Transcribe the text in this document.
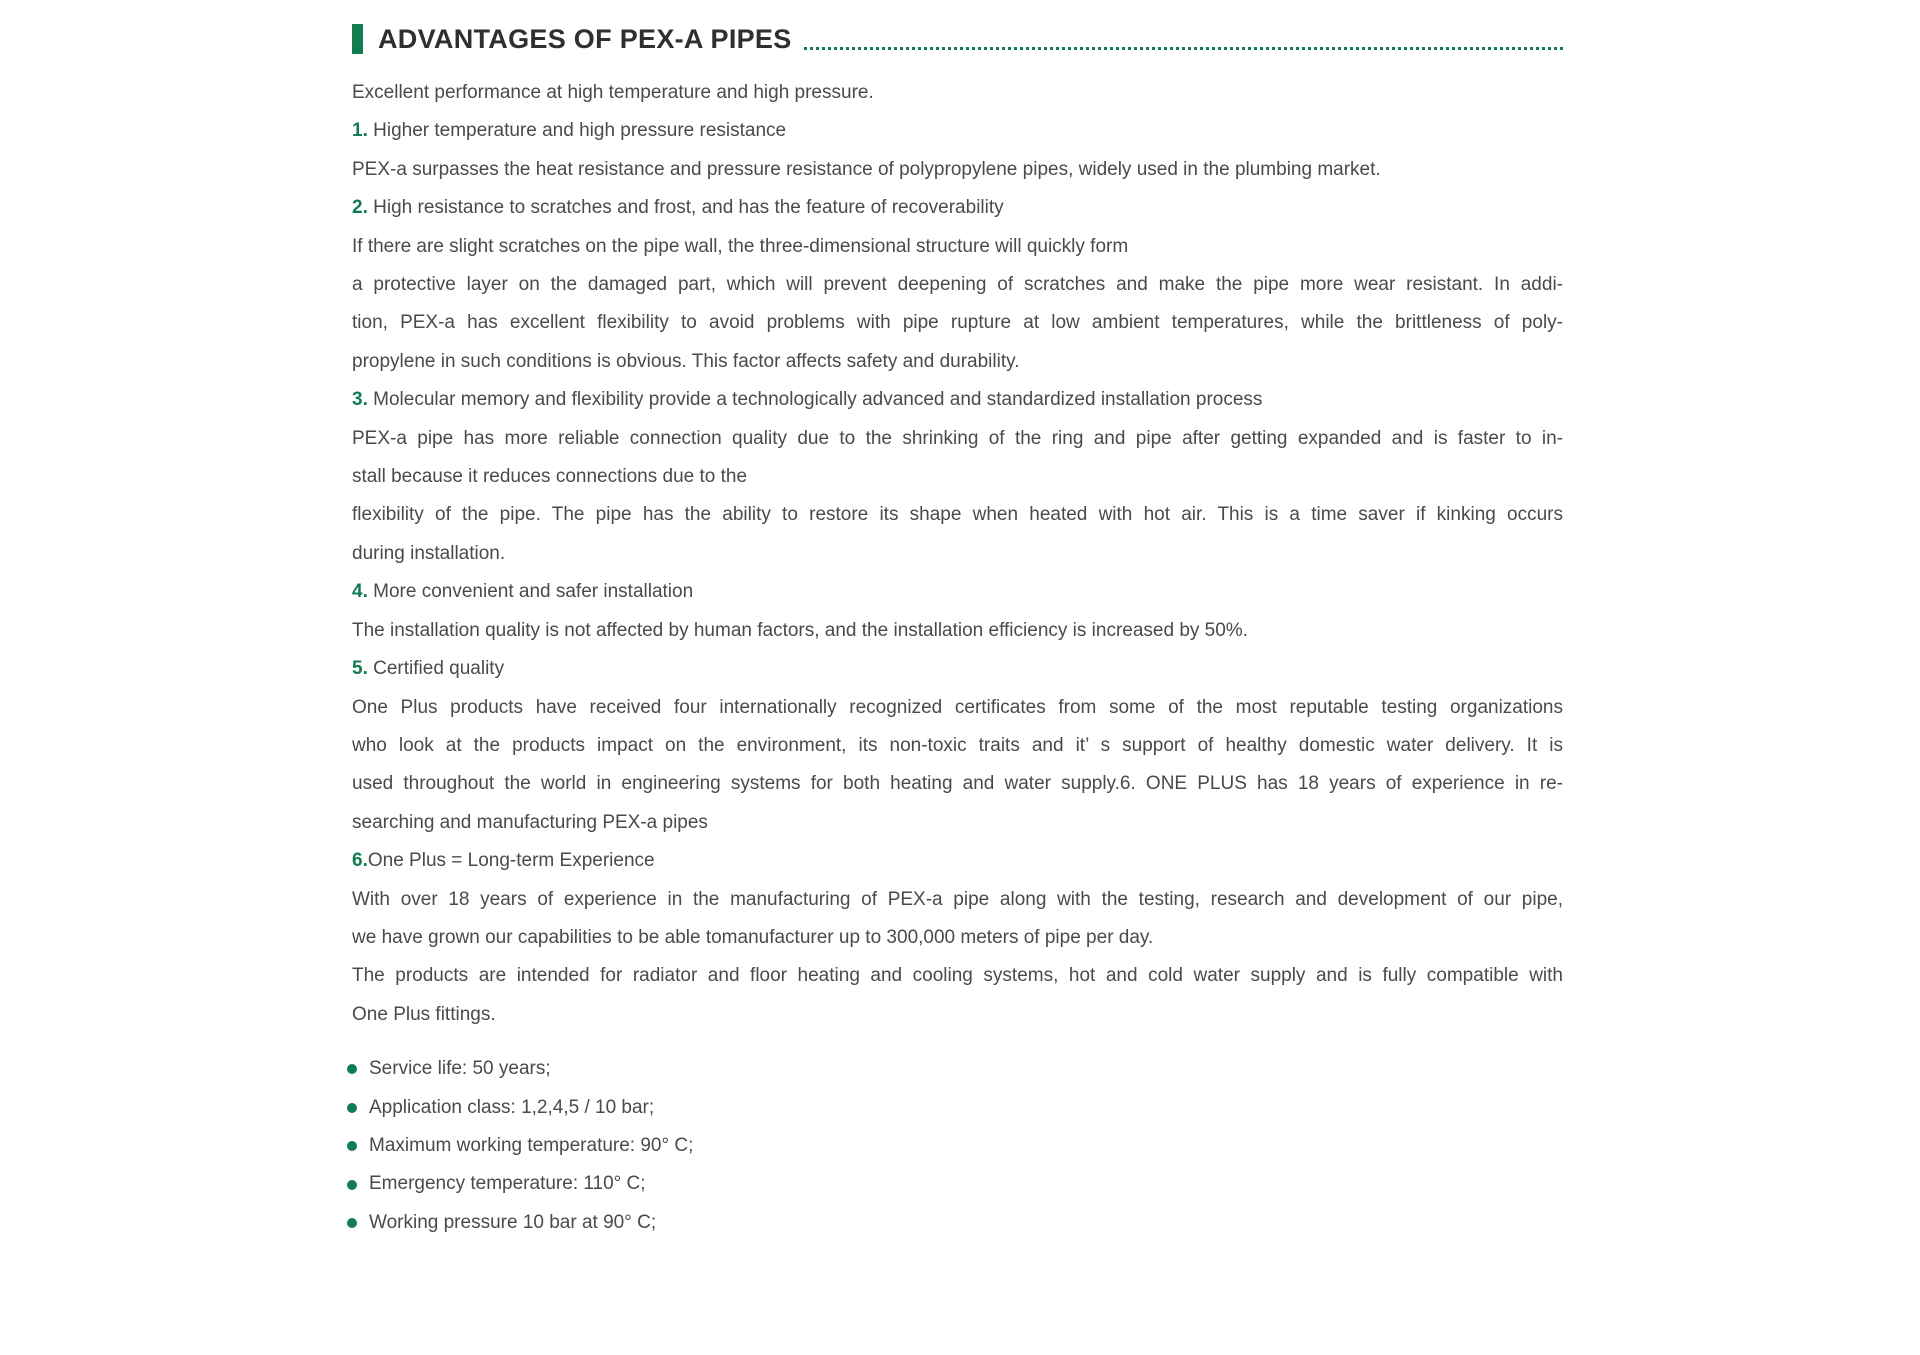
ADVANTAGES OF PEX-A PIPES
Excellent performance at high temperature and high pressure.
1. Higher temperature and high pressure resistance
PEX-a surpasses the heat resistance and pressure resistance of polypropylene pipes, widely used in the plumbing market.
2. High resistance to scratches and frost, and has the feature of recoverability
If there are slight scratches on the pipe wall, the three-dimensional structure will quickly form
a protective layer on the damaged part, which will prevent deepening of scratches and make the pipe more wear resistant. In addi-
tion, PEX-a has excellent flexibility to avoid problems with pipe rupture at low ambient temperatures, while the brittleness of poly-
propylene in such conditions is obvious. This factor affects safety and durability.
3. Molecular memory and flexibility provide a technologically advanced and standardized installation process
PEX-a pipe has more reliable connection quality due to the shrinking of the ring and pipe after getting expanded and is faster to in-
stall because it reduces connections due to the
flexibility of the pipe. The pipe has the ability to restore its shape when heated with hot air. This is a time saver if kinking occurs
during installation.
4. More convenient and safer installation
The installation quality is not affected by human factors, and the installation efficiency is increased by 50%.
5. Certified quality
One Plus products have received four internationally recognized certificates from some of the most reputable testing organizations
who look at the products impact on the environment, its non-toxic traits and it’ s support of healthy domestic water delivery. It is
used throughout the world in engineering systems for both heating and water supply.6. ONE PLUS has 18 years of experience in re-
searching and manufacturing PEX-a pipes
6.One Plus = Long-term Experience
With over 18 years of experience in the manufacturing of PEX-a pipe along with the testing, research and development of our pipe,
we have grown our capabilities to be able tomanufacturer up to 300,000 meters of pipe per day.
The products are intended for radiator and floor heating and cooling systems, hot and cold water supply and is fully compatible with
One Plus fittings.
Service life: 50 years;
Application class: 1,2,4,5 / 10 bar;
Maximum working temperature: 90° C;
Emergency temperature: 110° C;
Working pressure 10 bar at 90° C;
